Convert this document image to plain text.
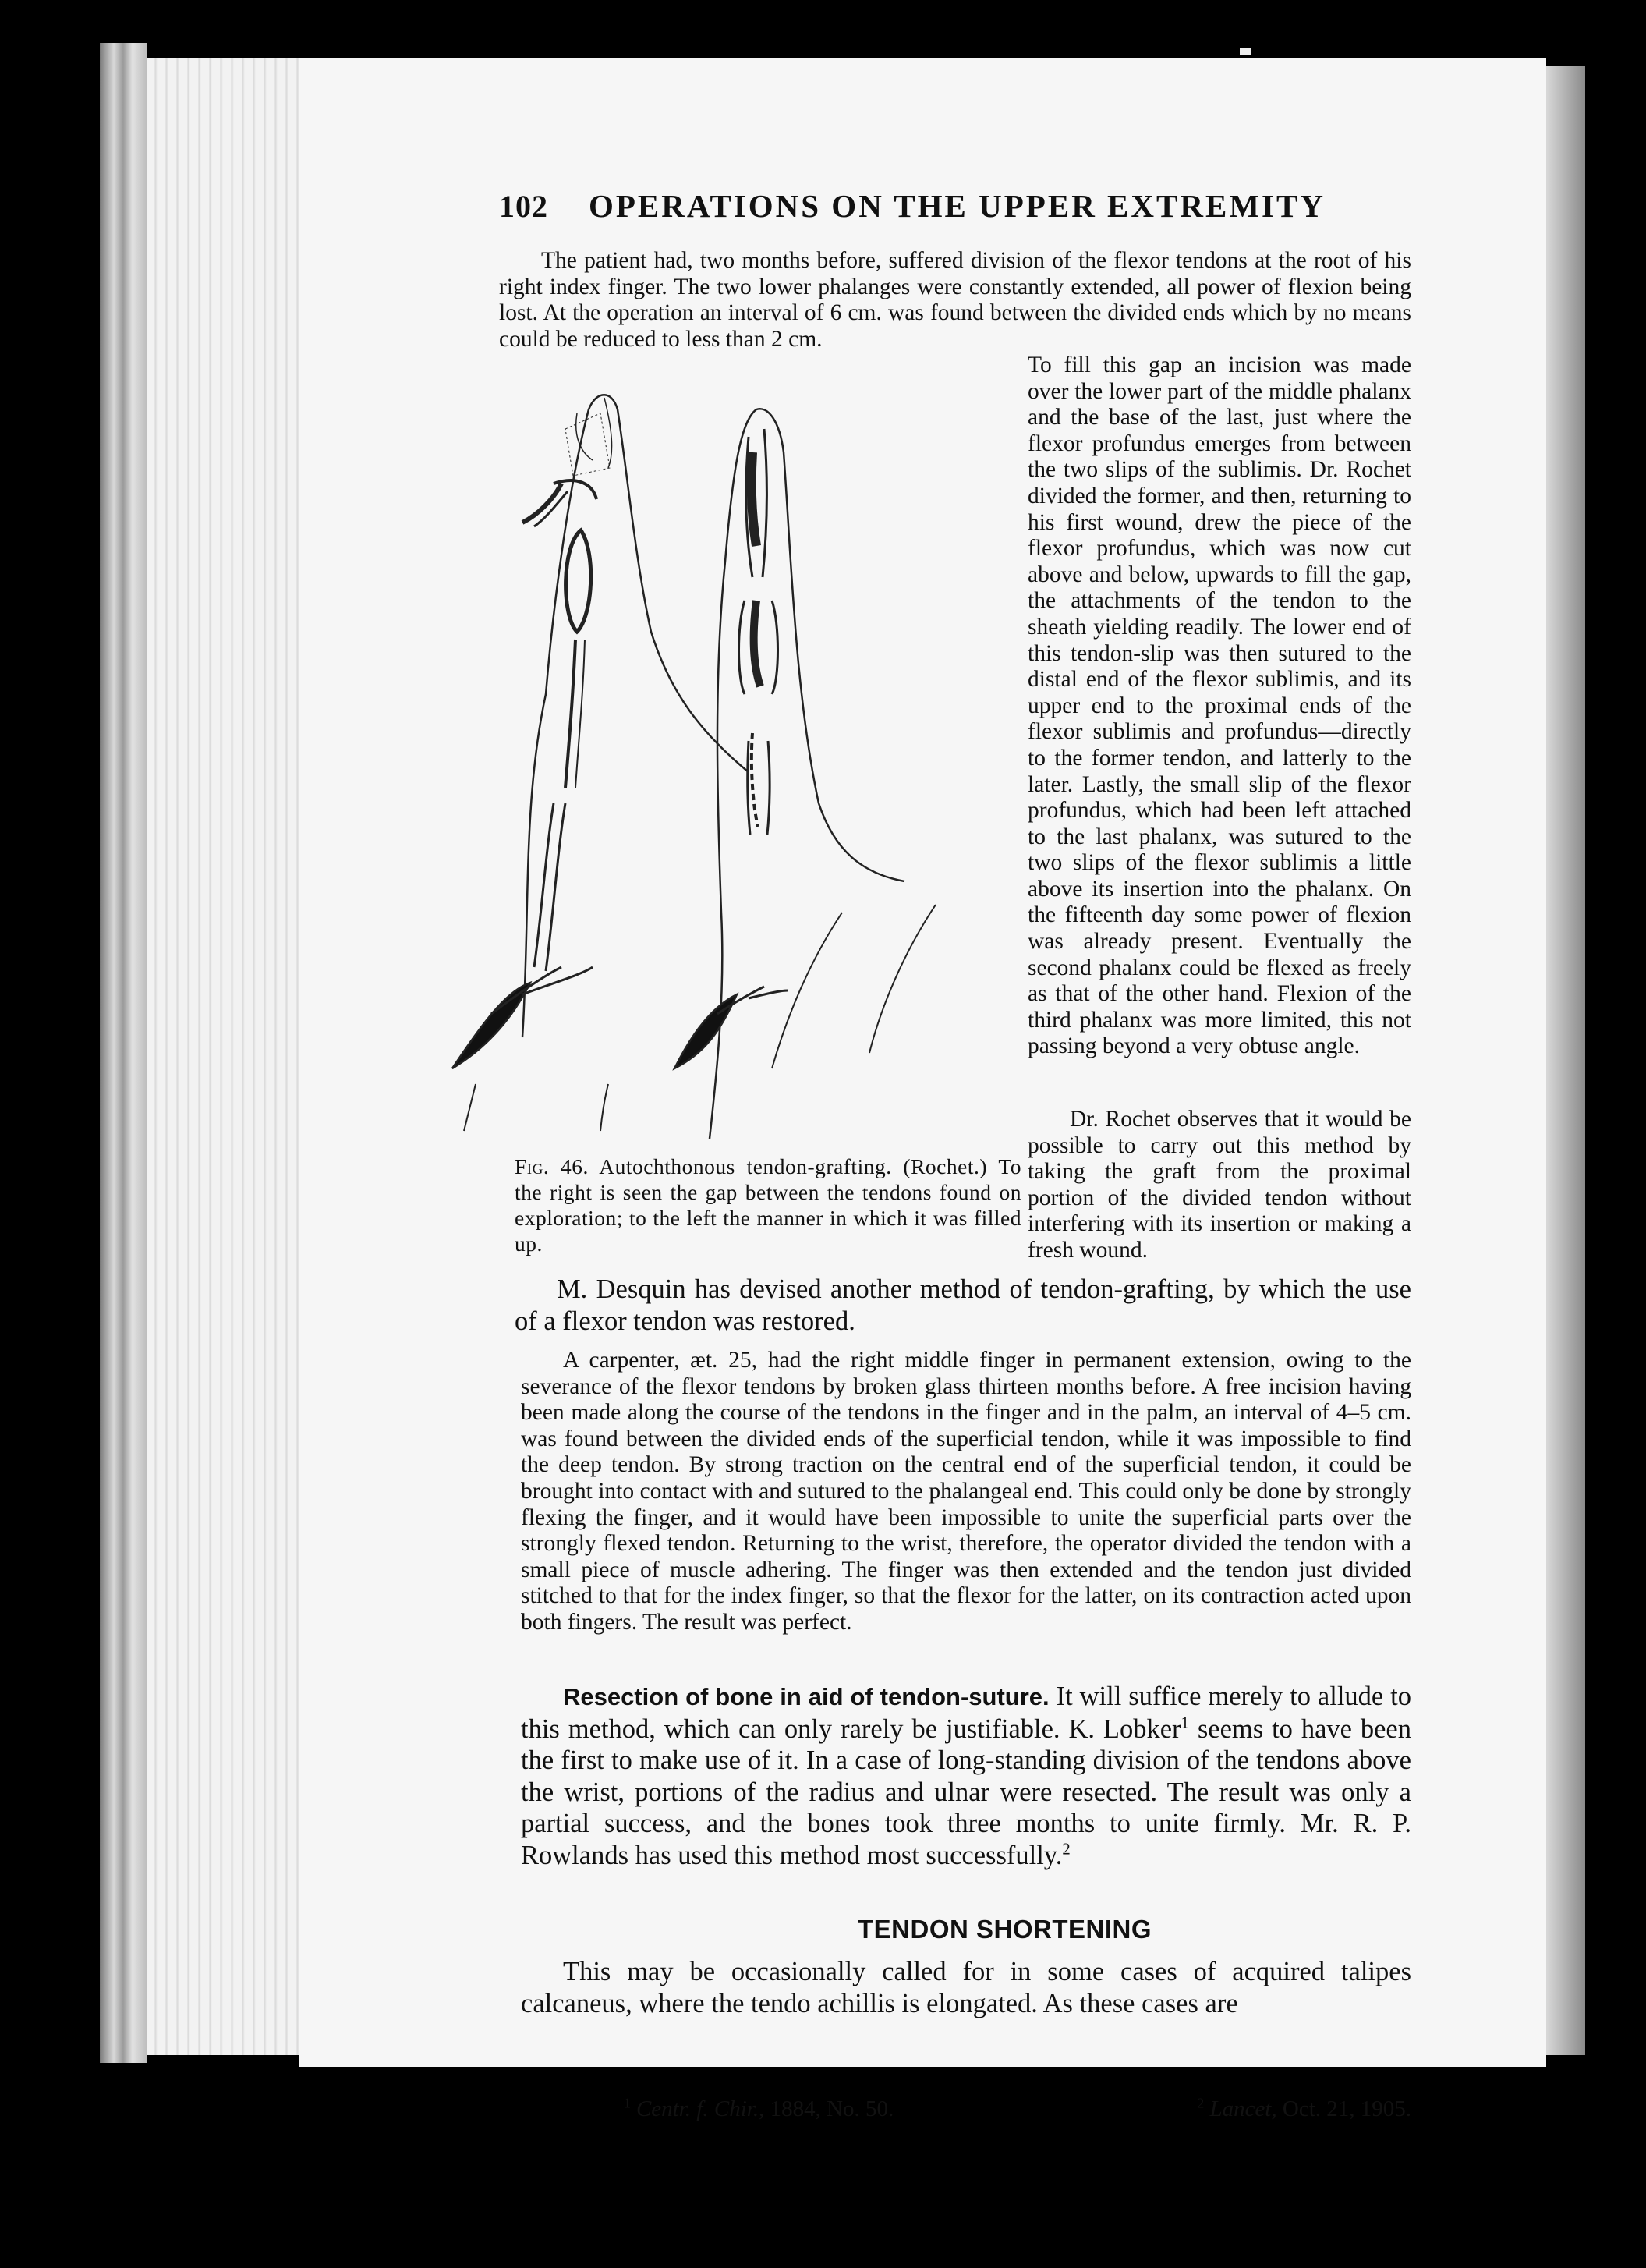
102 OPERATIONS ON THE UPPER EXTREMITY
The patient had, two months before, suffered division of the flexor tendons at the root of his right index finger. The two lower phalanges were constantly extended, all power of flexion being lost. At the operation an interval of 6 cm. was found between the divided ends which by no means could be reduced to less than 2 cm.
To fill this gap an incision was made over the lower part of the middle phalanx and the base of the last, just where the flexor profundus emerges from between the two slips of the sublimis. Dr. Rochet divided the former, and then, returning to his first wound, drew the piece of the flexor profundus, which was now cut above and below, upwards to fill the gap, the attachments of the tendon to the sheath yielding readily. The lower end of this tendon-slip was then sutured to the distal end of the flexor sublimis, and its upper end to the proximal ends of the flexor sublimis and profundus—directly to the former tendon, and latterly to the later. Lastly, the small slip of the flexor profundus, which had been left attached to the last phalanx, was sutured to the two slips of the flexor sublimis a little above its insertion into the phalanx. On the fifteenth day some power of flexion was already present. Eventually the second phalanx could be flexed as freely as that of the other hand. Flexion of the third phalanx was more limited, this not passing beyond a very obtuse angle.
Dr. Rochet observes that it would be possible to carry out this method by taking the graft from the proximal portion of the divided tendon without interfering with its insertion or making a fresh wound.
Fig. 46. Autochthonous tendon-grafting. (Rochet.) To the right is seen the gap between the tendons found on exploration; to the left the manner in which it was filled up.
M. Desquin has devised another method of tendon-grafting, by which the use of a flexor tendon was restored.
A carpenter, æt. 25, had the right middle finger in permanent extension, owing to the severance of the flexor tendons by broken glass thirteen months before. A free incision having been made along the course of the tendons in the finger and in the palm, an interval of 4–5 cm. was found between the divided ends of the superficial tendon, while it was impossible to find the deep tendon. By strong traction on the central end of the superficial tendon, it could be brought into contact with and sutured to the phalangeal end. This could only be done by strongly flexing the finger, and it would have been impossible to unite the superficial parts over the strongly flexed tendon. Returning to the wrist, therefore, the operator divided the tendon with a small piece of muscle adhering. The finger was then extended and the tendon just divided stitched to that for the index finger, so that the flexor for the latter, on its contraction acted upon both fingers. The result was perfect.
Resection of bone in aid of tendon-suture. It will suffice merely to allude to this method, which can only rarely be justifiable. K. Lobker$^1$ seems to have been the first to make use of it. In a case of long-standing division of the tendons above the wrist, portions of the radius and ulnar were resected. The result was only a partial success, and the bones took three months to unite firmly. Mr. R. P. Rowlands has used this method most successfully.$^2$
TENDON SHORTENING
This may be occasionally called for in some cases of acquired talipes calcaneus, where the tendo achillis is elongated. As these cases are
$^1$ Centr. f. Chir., 1884, No. 50.	$^2$ Lancet, Oct. 21, 1905.
